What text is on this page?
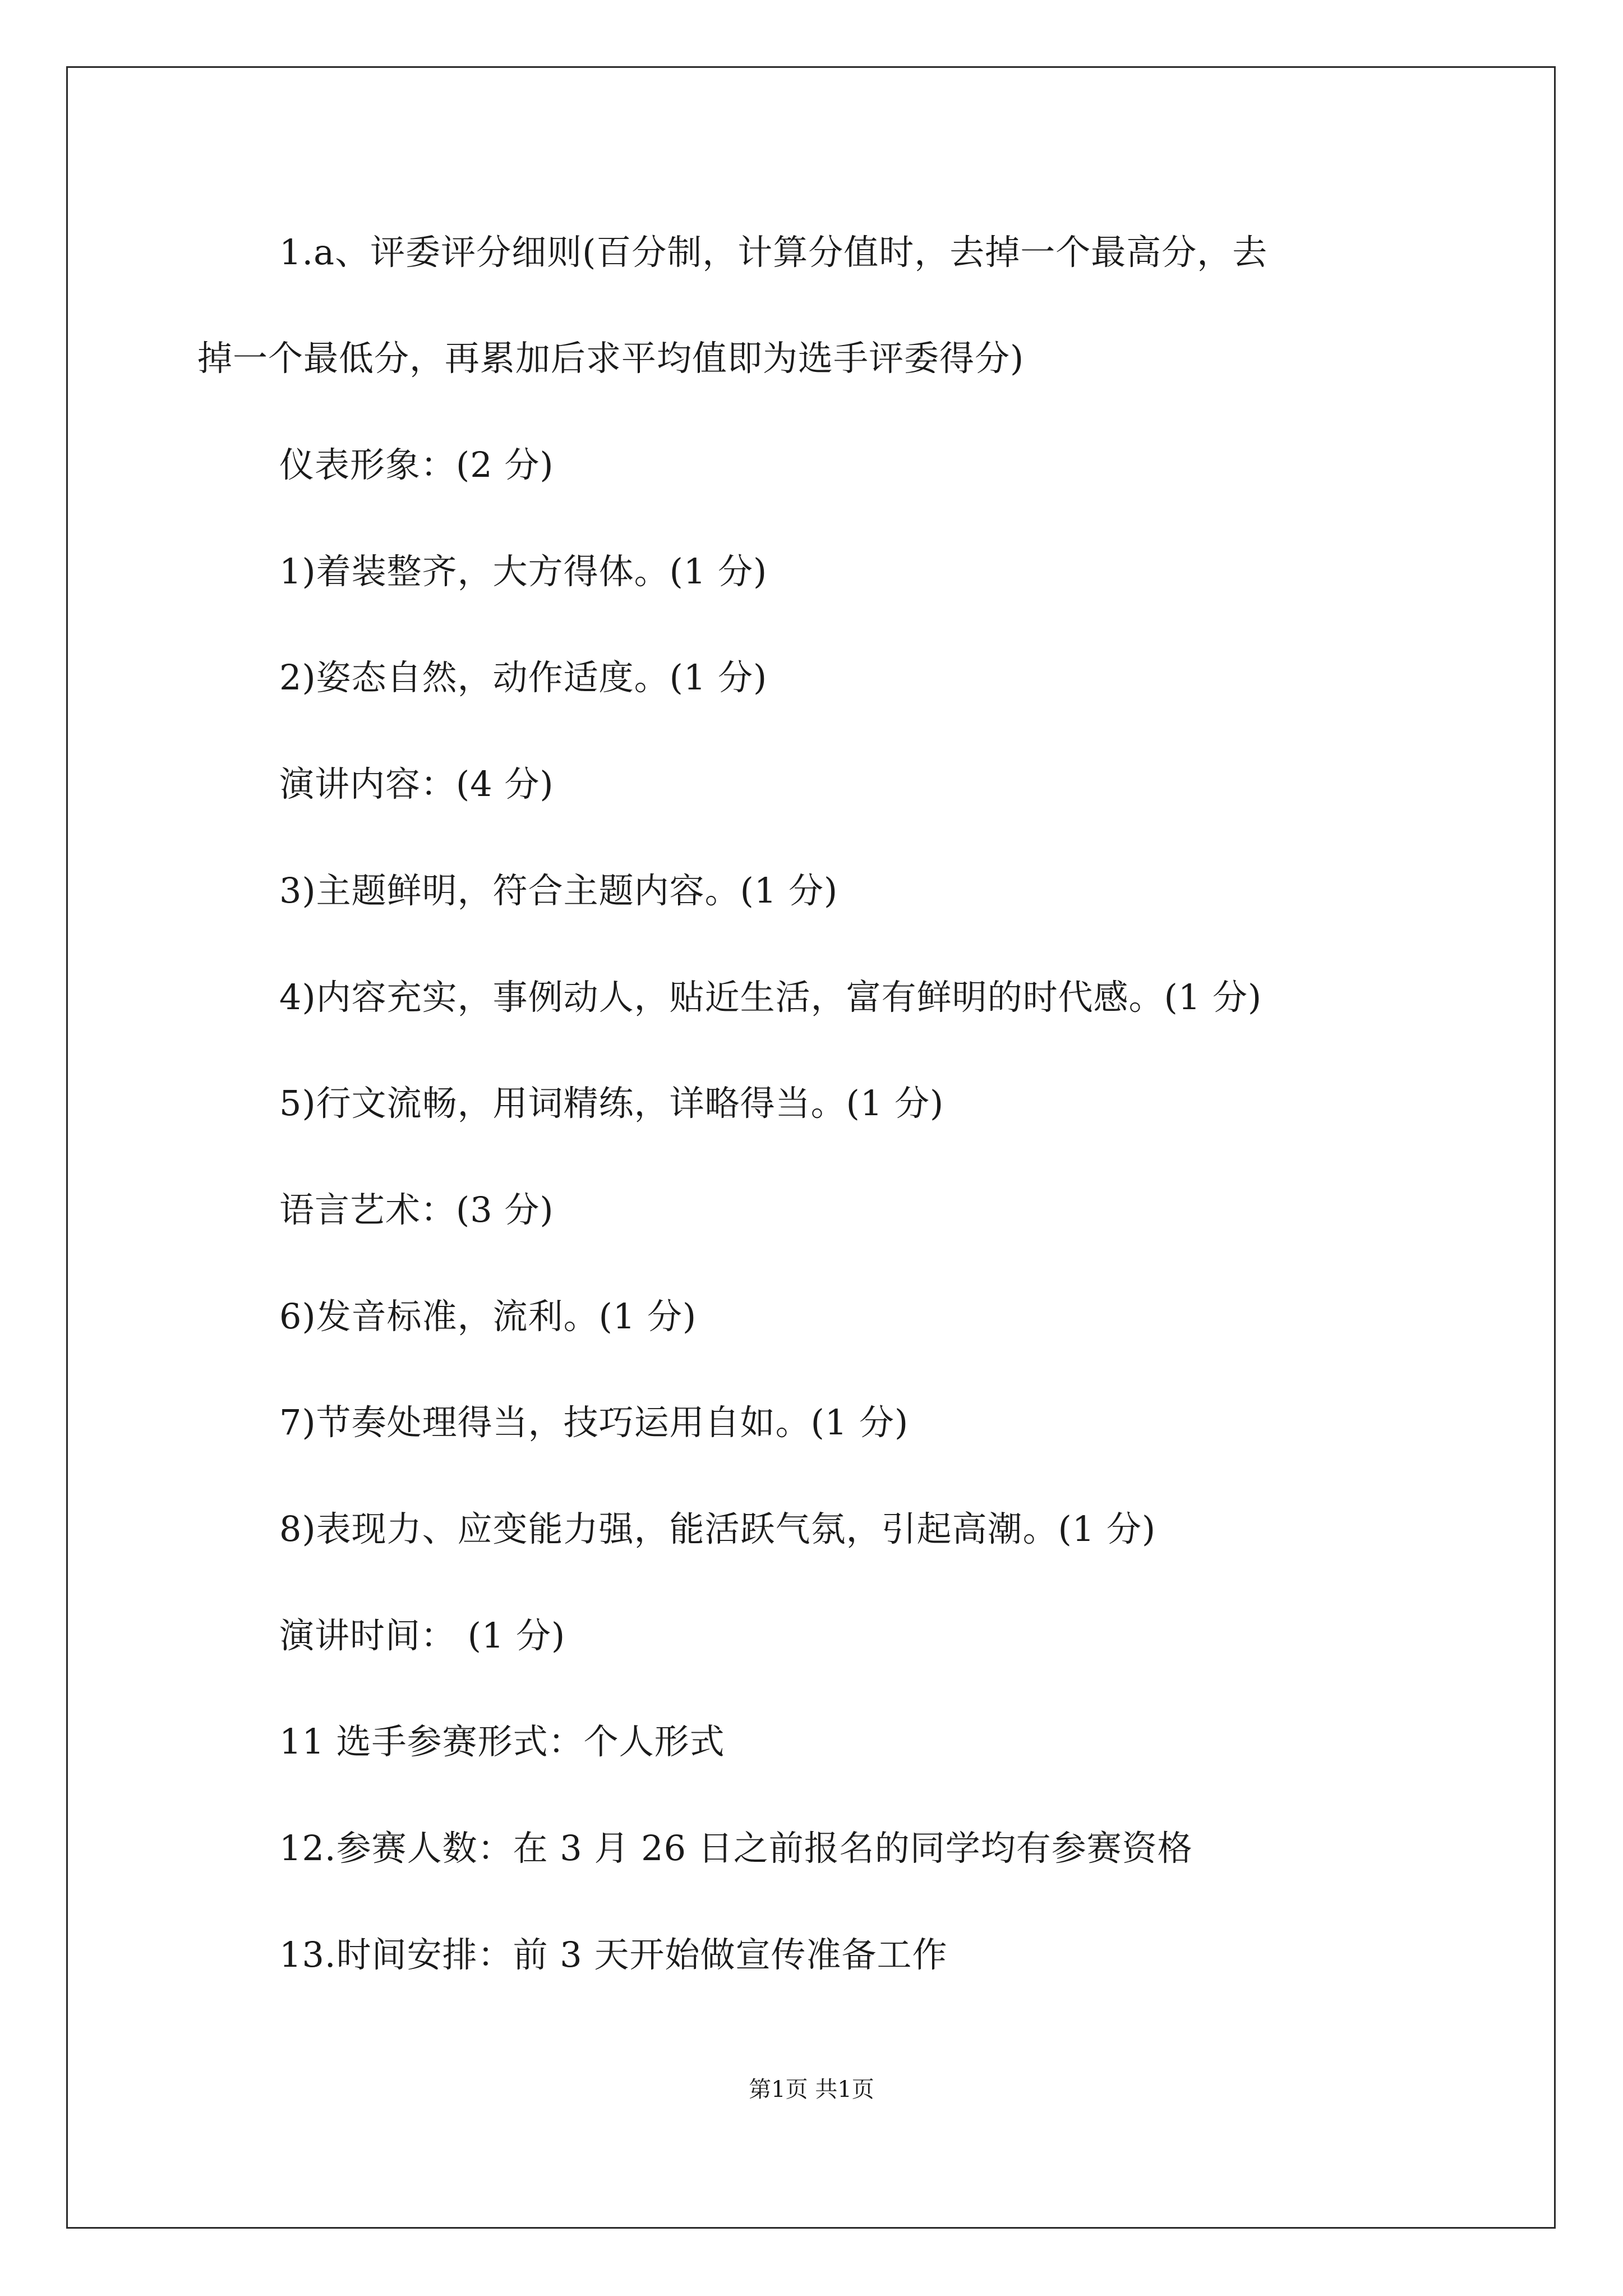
1.a、评委评分细则(百分制，计算分值时，去掉一个最高分，去
掉一个最低分，再累加后求平均值即为选手评委得分)
仪表形象：(2 分)
1)着装整齐，大方得体。(1 分)
2)姿态自然，动作适度。(1 分)
演讲内容：(4 分)
3)主题鲜明，符合主题内容。(1 分)
4)内容充实，事例动人，贴近生活，富有鲜明的时代感。(1 分)
5)行文流畅，用词精练，详略得当。(1 分)
语言艺术：(3 分)
6)发音标准，流利。(1 分)
7)节奏处理得当，技巧运用自如。(1 分)
8)表现力、应变能力强，能活跃气氛，引起高潮。(1 分)
演讲时间： (1 分)
11 选手参赛形式：个人形式
12.参赛人数：在 3 月 26 日之前报名的同学均有参赛资格
13.时间安排：前 3 天开始做宣传准备工作
第1页 共1页
